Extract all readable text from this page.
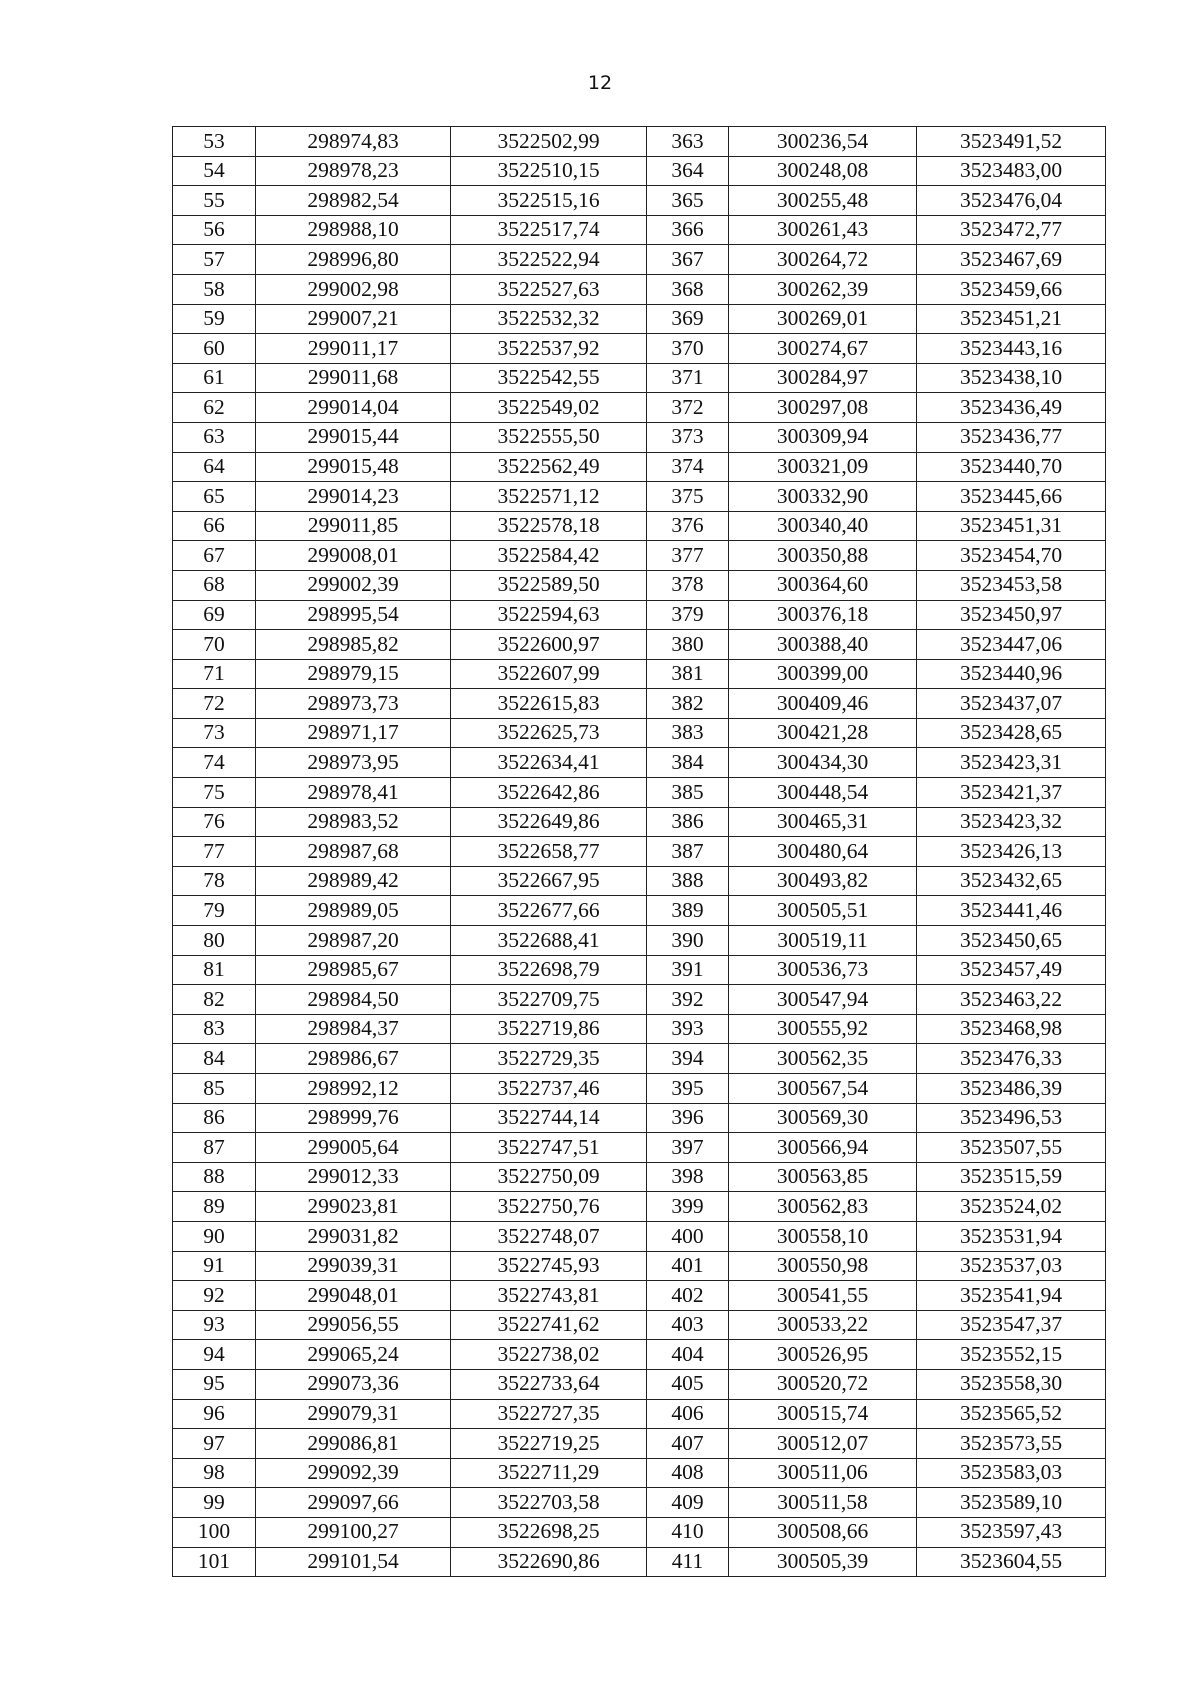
12
53	298974,83	3522502,99	363	300236,54	3523491,52
54	298978,23	3522510,15	364	300248,08	3523483,00
55	298982,54	3522515,16	365	300255,48	3523476,04
56	298988,10	3522517,74	366	300261,43	3523472,77
57	298996,80	3522522,94	367	300264,72	3523467,69
58	299002,98	3522527,63	368	300262,39	3523459,66
59	299007,21	3522532,32	369	300269,01	3523451,21
60	299011,17	3522537,92	370	300274,67	3523443,16
61	299011,68	3522542,55	371	300284,97	3523438,10
62	299014,04	3522549,02	372	300297,08	3523436,49
63	299015,44	3522555,50	373	300309,94	3523436,77
64	299015,48	3522562,49	374	300321,09	3523440,70
65	299014,23	3522571,12	375	300332,90	3523445,66
66	299011,85	3522578,18	376	300340,40	3523451,31
67	299008,01	3522584,42	377	300350,88	3523454,70
68	299002,39	3522589,50	378	300364,60	3523453,58
69	298995,54	3522594,63	379	300376,18	3523450,97
70	298985,82	3522600,97	380	300388,40	3523447,06
71	298979,15	3522607,99	381	300399,00	3523440,96
72	298973,73	3522615,83	382	300409,46	3523437,07
73	298971,17	3522625,73	383	300421,28	3523428,65
74	298973,95	3522634,41	384	300434,30	3523423,31
75	298978,41	3522642,86	385	300448,54	3523421,37
76	298983,52	3522649,86	386	300465,31	3523423,32
77	298987,68	3522658,77	387	300480,64	3523426,13
78	298989,42	3522667,95	388	300493,82	3523432,65
79	298989,05	3522677,66	389	300505,51	3523441,46
80	298987,20	3522688,41	390	300519,11	3523450,65
81	298985,67	3522698,79	391	300536,73	3523457,49
82	298984,50	3522709,75	392	300547,94	3523463,22
83	298984,37	3522719,86	393	300555,92	3523468,98
84	298986,67	3522729,35	394	300562,35	3523476,33
85	298992,12	3522737,46	395	300567,54	3523486,39
86	298999,76	3522744,14	396	300569,30	3523496,53
87	299005,64	3522747,51	397	300566,94	3523507,55
88	299012,33	3522750,09	398	300563,85	3523515,59
89	299023,81	3522750,76	399	300562,83	3523524,02
90	299031,82	3522748,07	400	300558,10	3523531,94
91	299039,31	3522745,93	401	300550,98	3523537,03
92	299048,01	3522743,81	402	300541,55	3523541,94
93	299056,55	3522741,62	403	300533,22	3523547,37
94	299065,24	3522738,02	404	300526,95	3523552,15
95	299073,36	3522733,64	405	300520,72	3523558,30
96	299079,31	3522727,35	406	300515,74	3523565,52
97	299086,81	3522719,25	407	300512,07	3523573,55
98	299092,39	3522711,29	408	300511,06	3523583,03
99	299097,66	3522703,58	409	300511,58	3523589,10
100	299100,27	3522698,25	410	300508,66	3523597,43
101	299101,54	3522690,86	411	300505,39	3523604,55
